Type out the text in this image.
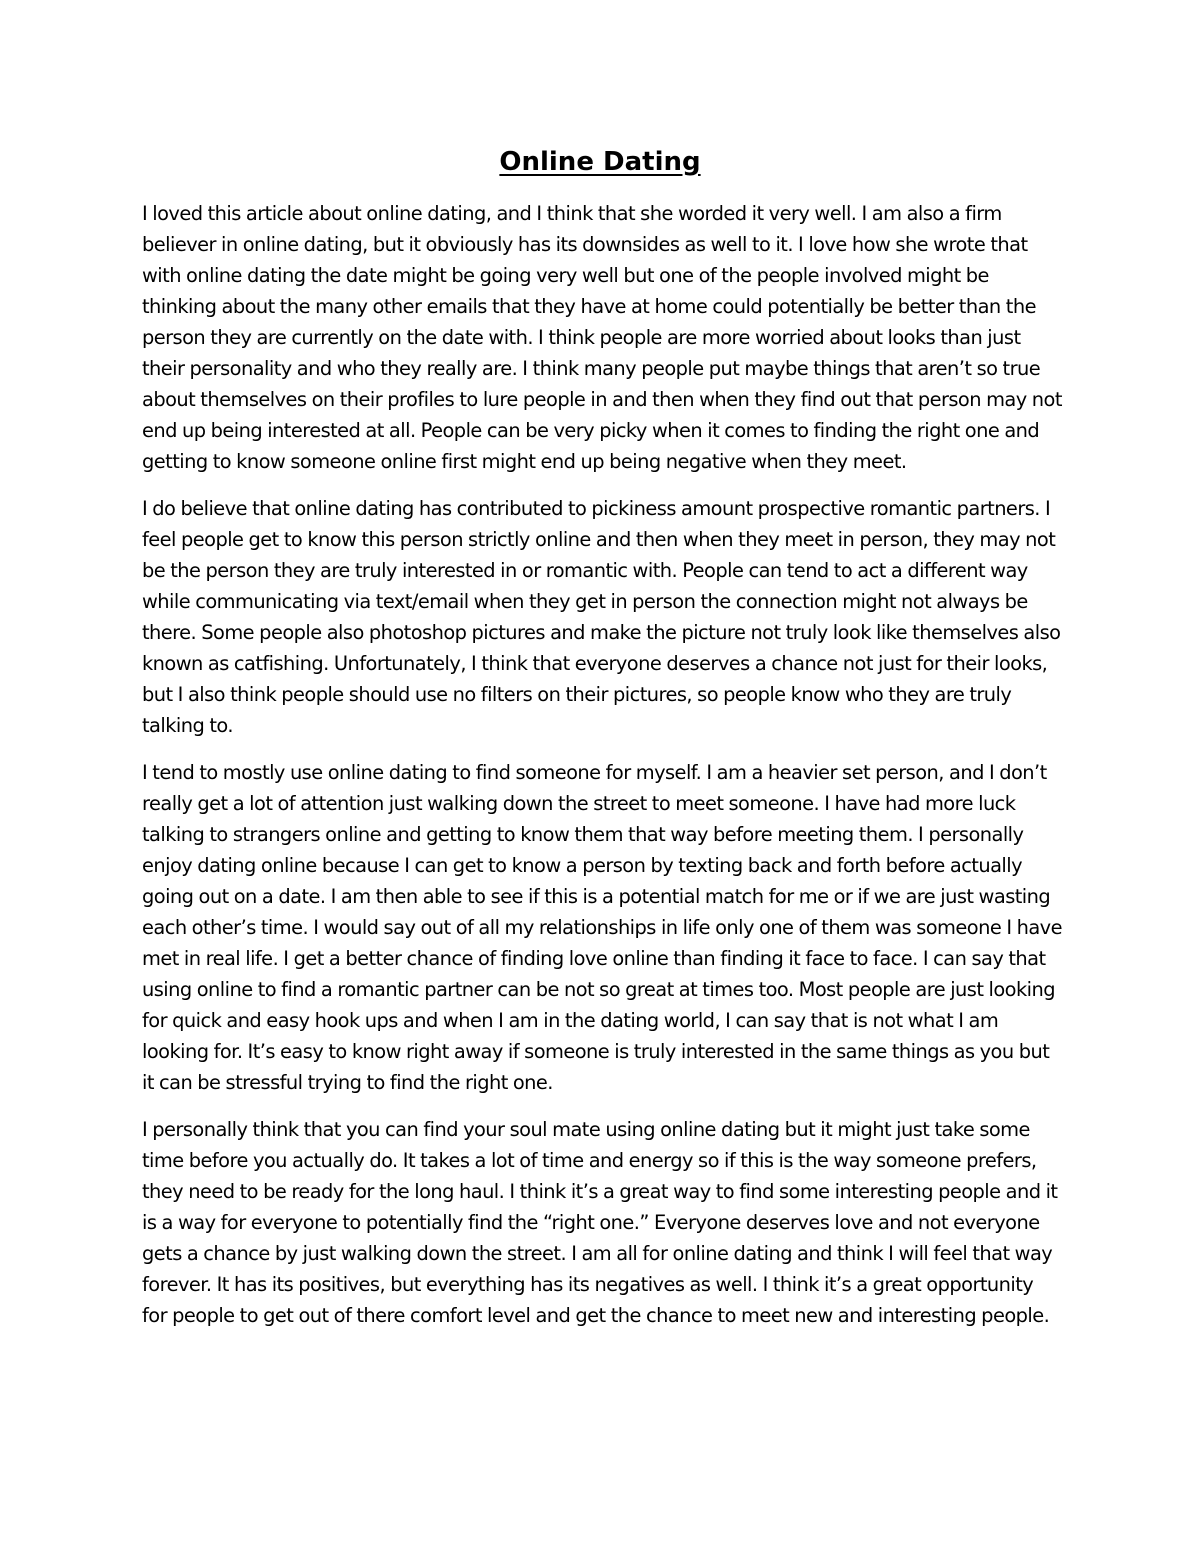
Online Dating

I loved this article about online dating, and I think that she worded it very well. I am also a firm believer in online dating, but it obviously has its downsides as well to it. I love how she wrote that with online dating the date might be going very well but one of the people involved might be thinking about the many other emails that they have at home could potentially be better than the person they are currently on the date with. I think people are more worried about looks than just their personality and who they really are. I think many people put maybe things that aren’t so true about themselves on their profiles to lure people in and then when they find out that person may not end up being interested at all. People can be very picky when it comes to finding the right one and getting to know someone online first might end up being negative when they meet.

I do believe that online dating has contributed to pickiness amount prospective romantic partners. I feel people get to know this person strictly online and then when they meet in person, they may not be the person they are truly interested in or romantic with. People can tend to act a different way while communicating via text/email when they get in person the connection might not always be there. Some people also photoshop pictures and make the picture not truly look like themselves also known as catfishing. Unfortunately, I think that everyone deserves a chance not just for their looks, but I also think people should use no filters on their pictures, so people know who they are truly talking to.

I tend to mostly use online dating to find someone for myself. I am a heavier set person, and I don’t really get a lot of attention just walking down the street to meet someone. I have had more luck talking to strangers online and getting to know them that way before meeting them. I personally enjoy dating online because I can get to know a person by texting back and forth before actually going out on a date. I am then able to see if this is a potential match for me or if we are just wasting each other’s time. I would say out of all my relationships in life only one of them was someone I have met in real life. I get a better chance of finding love online than finding it face to face. I can say that using online to find a romantic partner can be not so great at times too. Most people are just looking for quick and easy hook ups and when I am in the dating world, I can say that is not what I am looking for. It’s easy to know right away if someone is truly interested in the same things as you but it can be stressful trying to find the right one.

I personally think that you can find your soul mate using online dating but it might just take some time before you actually do. It takes a lot of time and energy so if this is the way someone prefers, they need to be ready for the long haul. I think it’s a great way to find some interesting people and it is a way for everyone to potentially find the “right one.” Everyone deserves love and not everyone gets a chance by just walking down the street. I am all for online dating and think I will feel that way forever. It has its positives, but everything has its negatives as well. I think it’s a great opportunity for people to get out of there comfort level and get the chance to meet new and interesting people.
